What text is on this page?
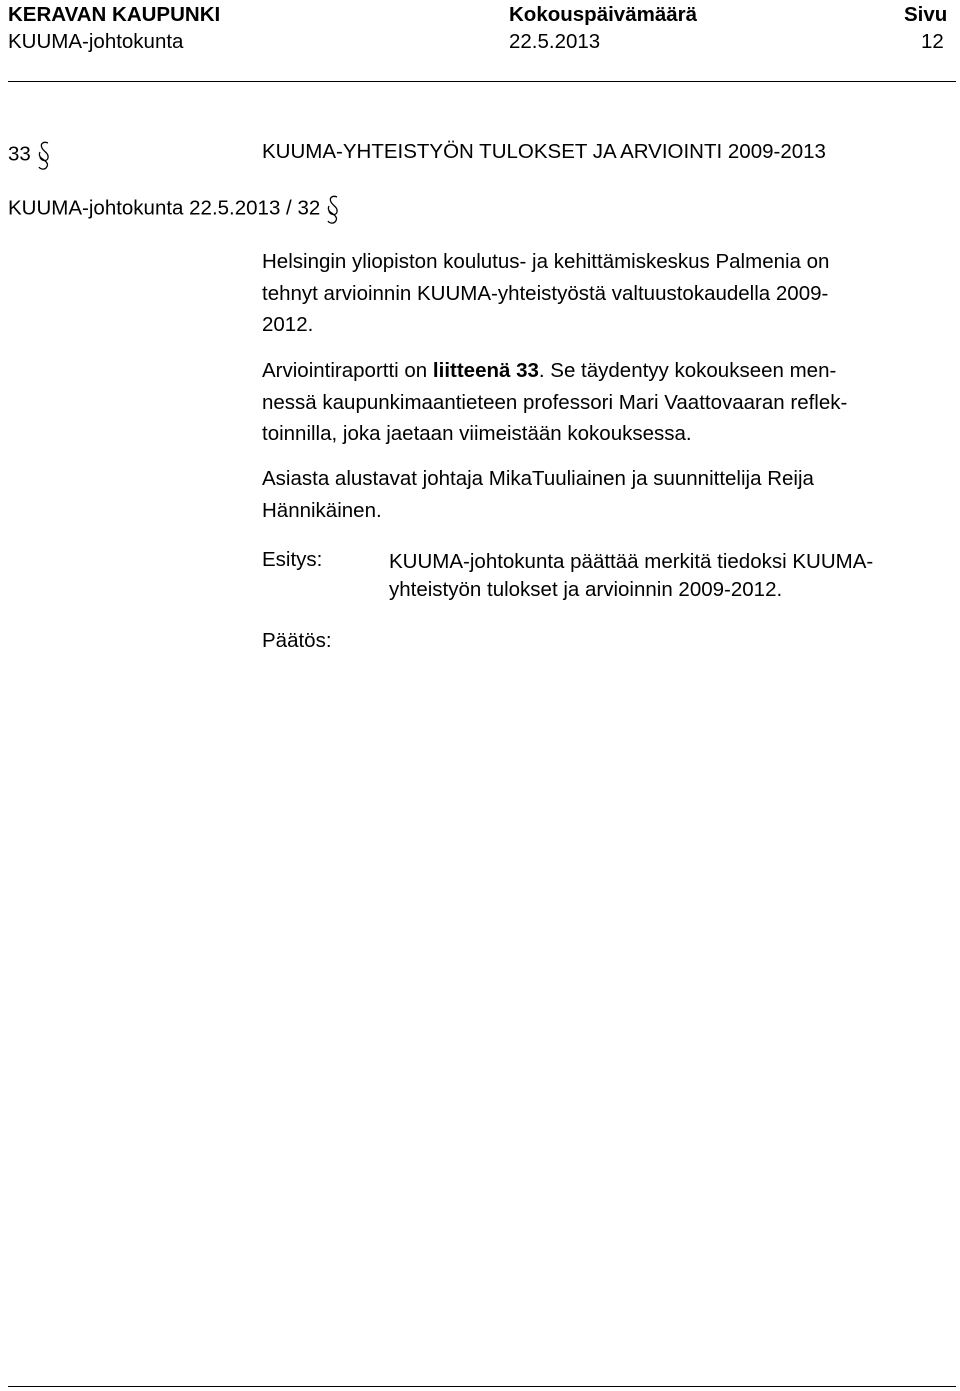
KERAVAN KAUPUNKI
KUUMA-johtokunta
Kokouspäivämäärä
22.5.2013
Sivu
12
33	KUUMA-YHTEISTYÖN TULOKSET JA ARVIOINTI 2009-2013
KUUMA-johtokunta 22.5.2013 / 32
Helsingin yliopiston koulutus- ja kehittämiskeskus Palmenia on
tehnyt arvioinnin KUUMA-yhteistyöstä valtuustokaudella 2009-
2012.
Arviointiraportti on liitteenä 33. Se täydentyy kokoukseen men-
nessä kaupunkimaantieteen professori Mari Vaattovaaran reflek-
toinnilla, joka jaetaan viimeistään kokouksessa.
Asiasta alustavat johtaja MikaTuuliainen ja suunnittelija Reija
Hännikäinen.
Esitys:	KUUMA-johtokunta päättää merkitä tiedoksi KUUMA-
yhteistyön tulokset ja arvioinnin 2009-2012.
Päätös:
